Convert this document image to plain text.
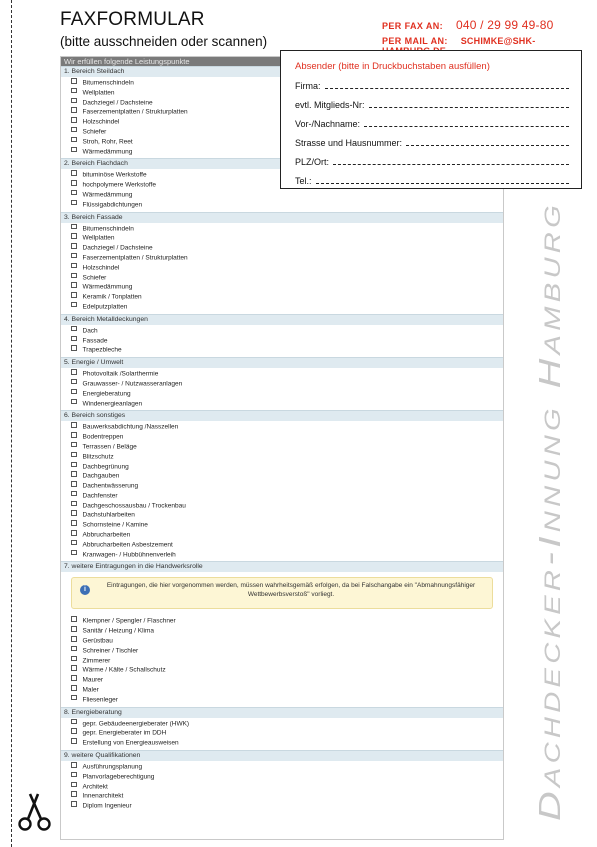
FAXFORMULAR
(bitte ausschneiden oder scannen)
PER FAX AN: 040 / 29 99 49-80
PER MAIL AN: SCHIMKE@SHK-
Wir erfüllen folgende Leistungspunkte
1. Bereich Steildach
Bitumenschindeln
Wellplatten
Dachziegel / Dachsteine
Faserzementplatten / Strukturplatten
Holzschindel
Schiefer
Stroh, Rohr, Reet
Wärmedämmung
2. Bereich Flachdach
bituminöse Werkstoffe
hochpolymere Werkstoffe
Wärmedämmung
Flüssigabdichtungen
3. Bereich Fassade
Bitumenschindeln
Wellplatten
Dachziegel / Dachsteine
Faserzementplatten / Strukturplatten
Holzschindel
Schiefer
Wärmedämmung
Keramik / Tonplatten
Edelputzplatten
4. Bereich Metalldeckungen
Dach
Fassade
Trapezbleche
5. Energie / Umwelt
Photovoltaik /Solarthermie
Grauwasser- / Nutzwasseranlagen
Energieberatung
Windenergieanlagen
6. Bereich sonstiges
Bauwerksabdichtung /Nasszellen
Bodentreppen
Terrassen / Beläge
Blitzschutz
Dachbegrünung
Dachgauben
Dachentwässerung
Dachfenster
Dachgeschossausbau / Trockenbau
Dachstuhlarbeiten
Schornsteine / Kamine
Abbrucharbeiten
Abbrucharbeiten Asbestzement
Kranwagen- / Hubbühnenverleih
7. weitere Eintragungen in die Handwerksrolle
i
Eintragungen, die hier vorgenommen werden, müssen wahrheitsgemäß erfolgen, da bei Falschangabe ein "Abmahnungsfähiger Wettbewerbsverstoß" vorliegt.
Klempner / Spengler / Flaschner
Sanitär / Heizung / Klima
Gerüstbau
Schreiner / Tischler
Zimmerer
Wärme / Kälte / Schallschutz
Maurer
Maler
Fliesenleger
8. Energieberatung
gepr. Gebäudeenergieberater (HWK)
gepr. Energieberater im DDH
Erstellung von Energieausweisen
9. weitere Qualifikationen
Ausführungsplanung
Planvorlageberechtigung
Architekt
Innenarchitekt
Diplom Ingenieur
Absender (bitte in Druckbuchstaben ausfüllen)
Firma:
evtl. Mitglieds-Nr:
Vor-/Nachname:
Strasse und Hausnummer:
PLZ/Ort:
Tel.:
Dachdecker-Innung Hamburg
